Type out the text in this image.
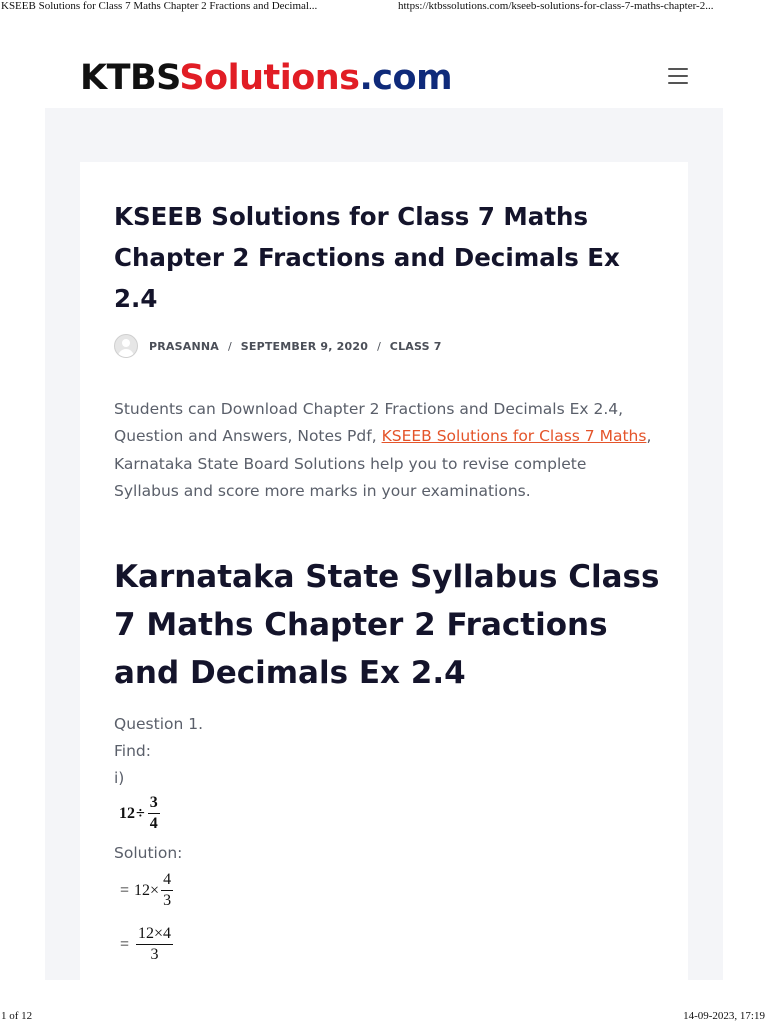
KSEEB Solutions for Class 7 Maths Chapter 2 Fractions and Decimal...	https://ktbssolutions.com/kseeb-solutions-for-class-7-maths-chapter-2...
KTBSSolutions.com
KSEEB Solutions for Class 7 Maths Chapter 2 Fractions and Decimals Ex 2.4
PRASANNA / SEPTEMBER 9, 2020 / CLASS 7

Students can Download Chapter 2 Fractions and Decimals Ex 2.4, Question and Answers, Notes Pdf, KSEEB Solutions for Class 7 Maths, Karnataka State Board Solutions help you to revise complete Syllabus and score more marks in your examinations.

Karnataka State Syllabus Class 7 Maths Chapter 2 Fractions and Decimals Ex 2.4

Question 1.

Find:

i)

$12 \div \frac{3}{4}$

Solution:

= $12 \times \frac{4}{3}$
= $\frac{12\times 4}{3}$
1 of 12	14-09-2023, 17:19
